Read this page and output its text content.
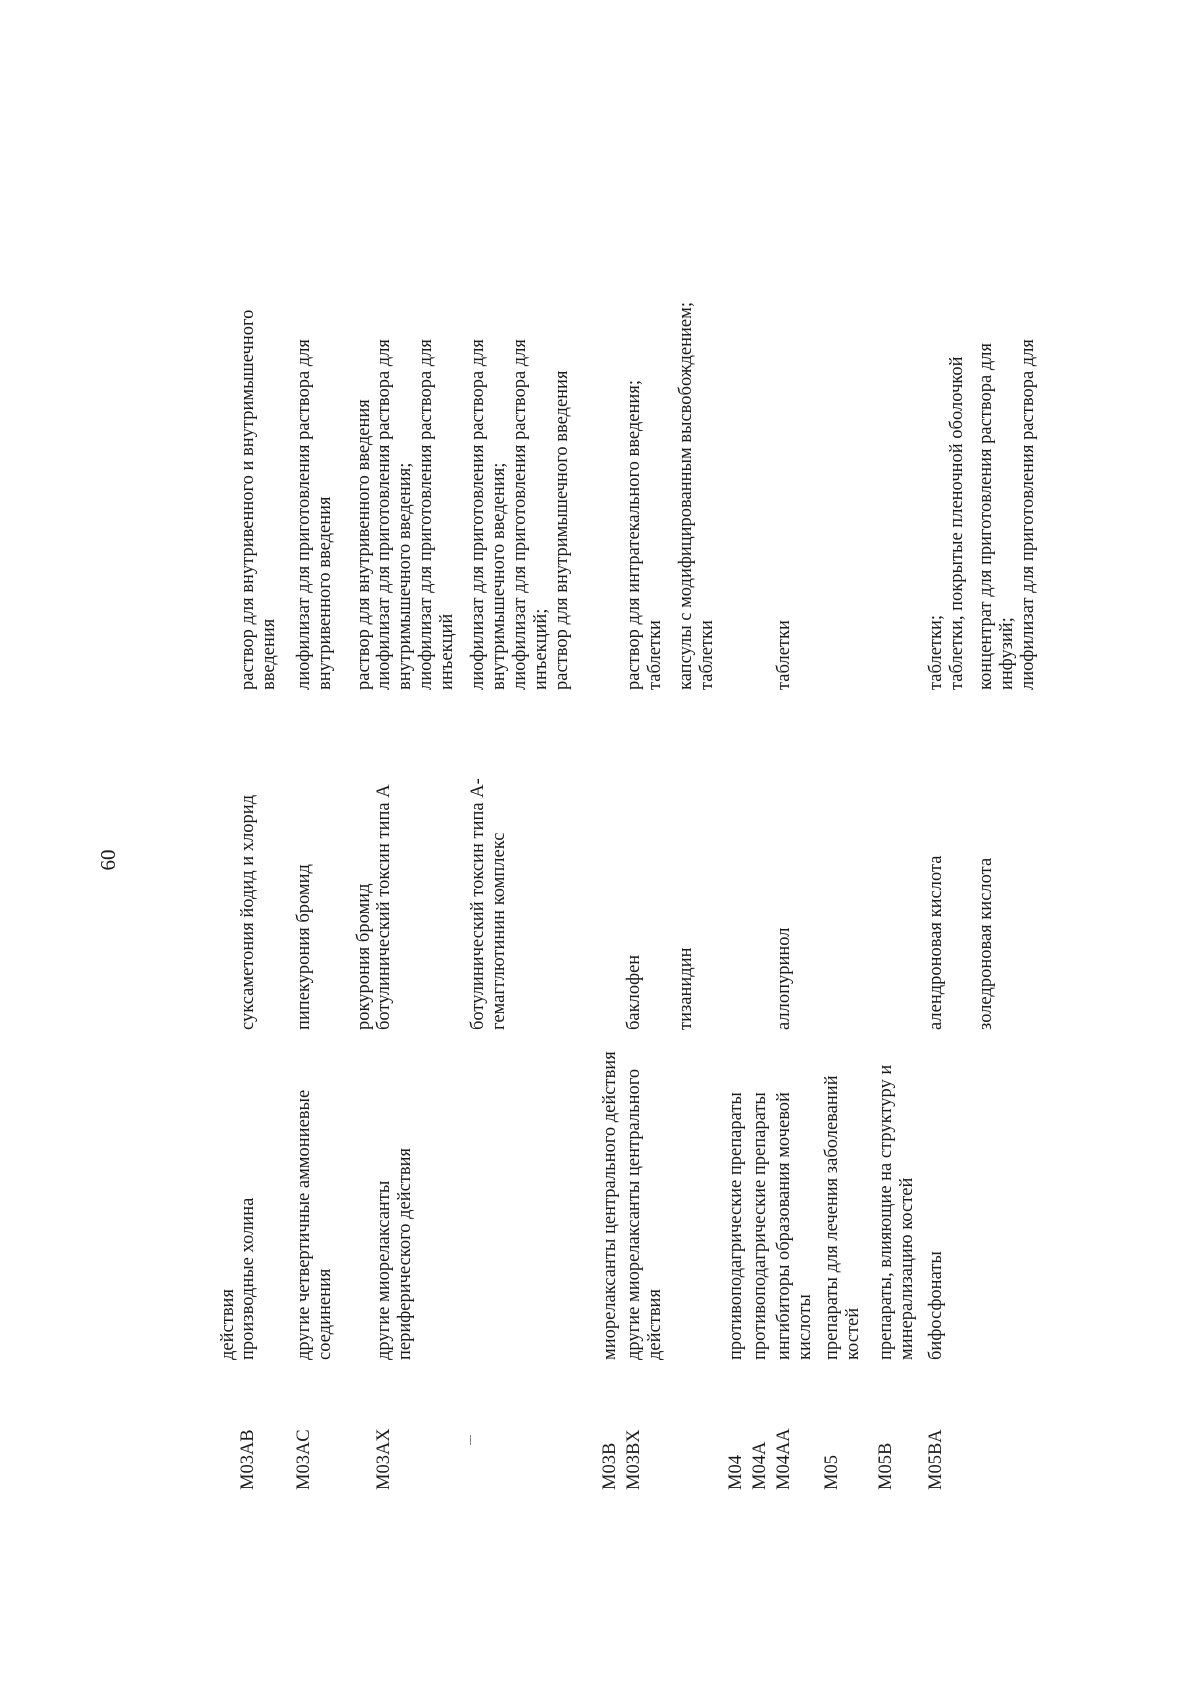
60
действия
M03AB
производные холина
суксаметония йодид и хлорид
раствор для внутривенного и внутримышечного введения
M03AC
другие четвертичные аммониевые соединения
пипекурония бромид
лиофилизат для приготовления раствора для внутривенного введения
рокурония бромид
раствор для внутривенного введения
M03AX
другие миорелаксанты периферического действия
ботулинический токсин типа A
лиофилизат для приготовления раствора для внутримышечного введения; лиофилизат для приготовления раствора для инъекций
ботулинический токсин типа A- гемагглютинин комплекс
лиофилизат для приготовления раствора для внутримышечного введения; лиофилизат для приготовления раствора для инъекций; раствор для внутримышечного введения
M03B
миорелаксанты центрального действия
M03BX
другие миорелаксанты центрального действия
баклофен
раствор для интратекального введения; таблетки
тизанидин
капсулы с модифицированным высвобождением; таблетки
M04
противоподагрические препараты
M04A
противоподагрические препараты
M04AA
ингибиторы образования мочевой кислоты
аллопуринол
таблетки
M05
препараты для лечения заболеваний костей
M05B
препараты, влияющие на структуру и минерализацию костей
M05BA
бифосфонаты
алендроновая кислота
таблетки; таблетки, покрытые пленочной оболочкой
золедроновая кислота
концентрат для приготовления раствора для инфузий; лиофилизат для приготовления раствора для
